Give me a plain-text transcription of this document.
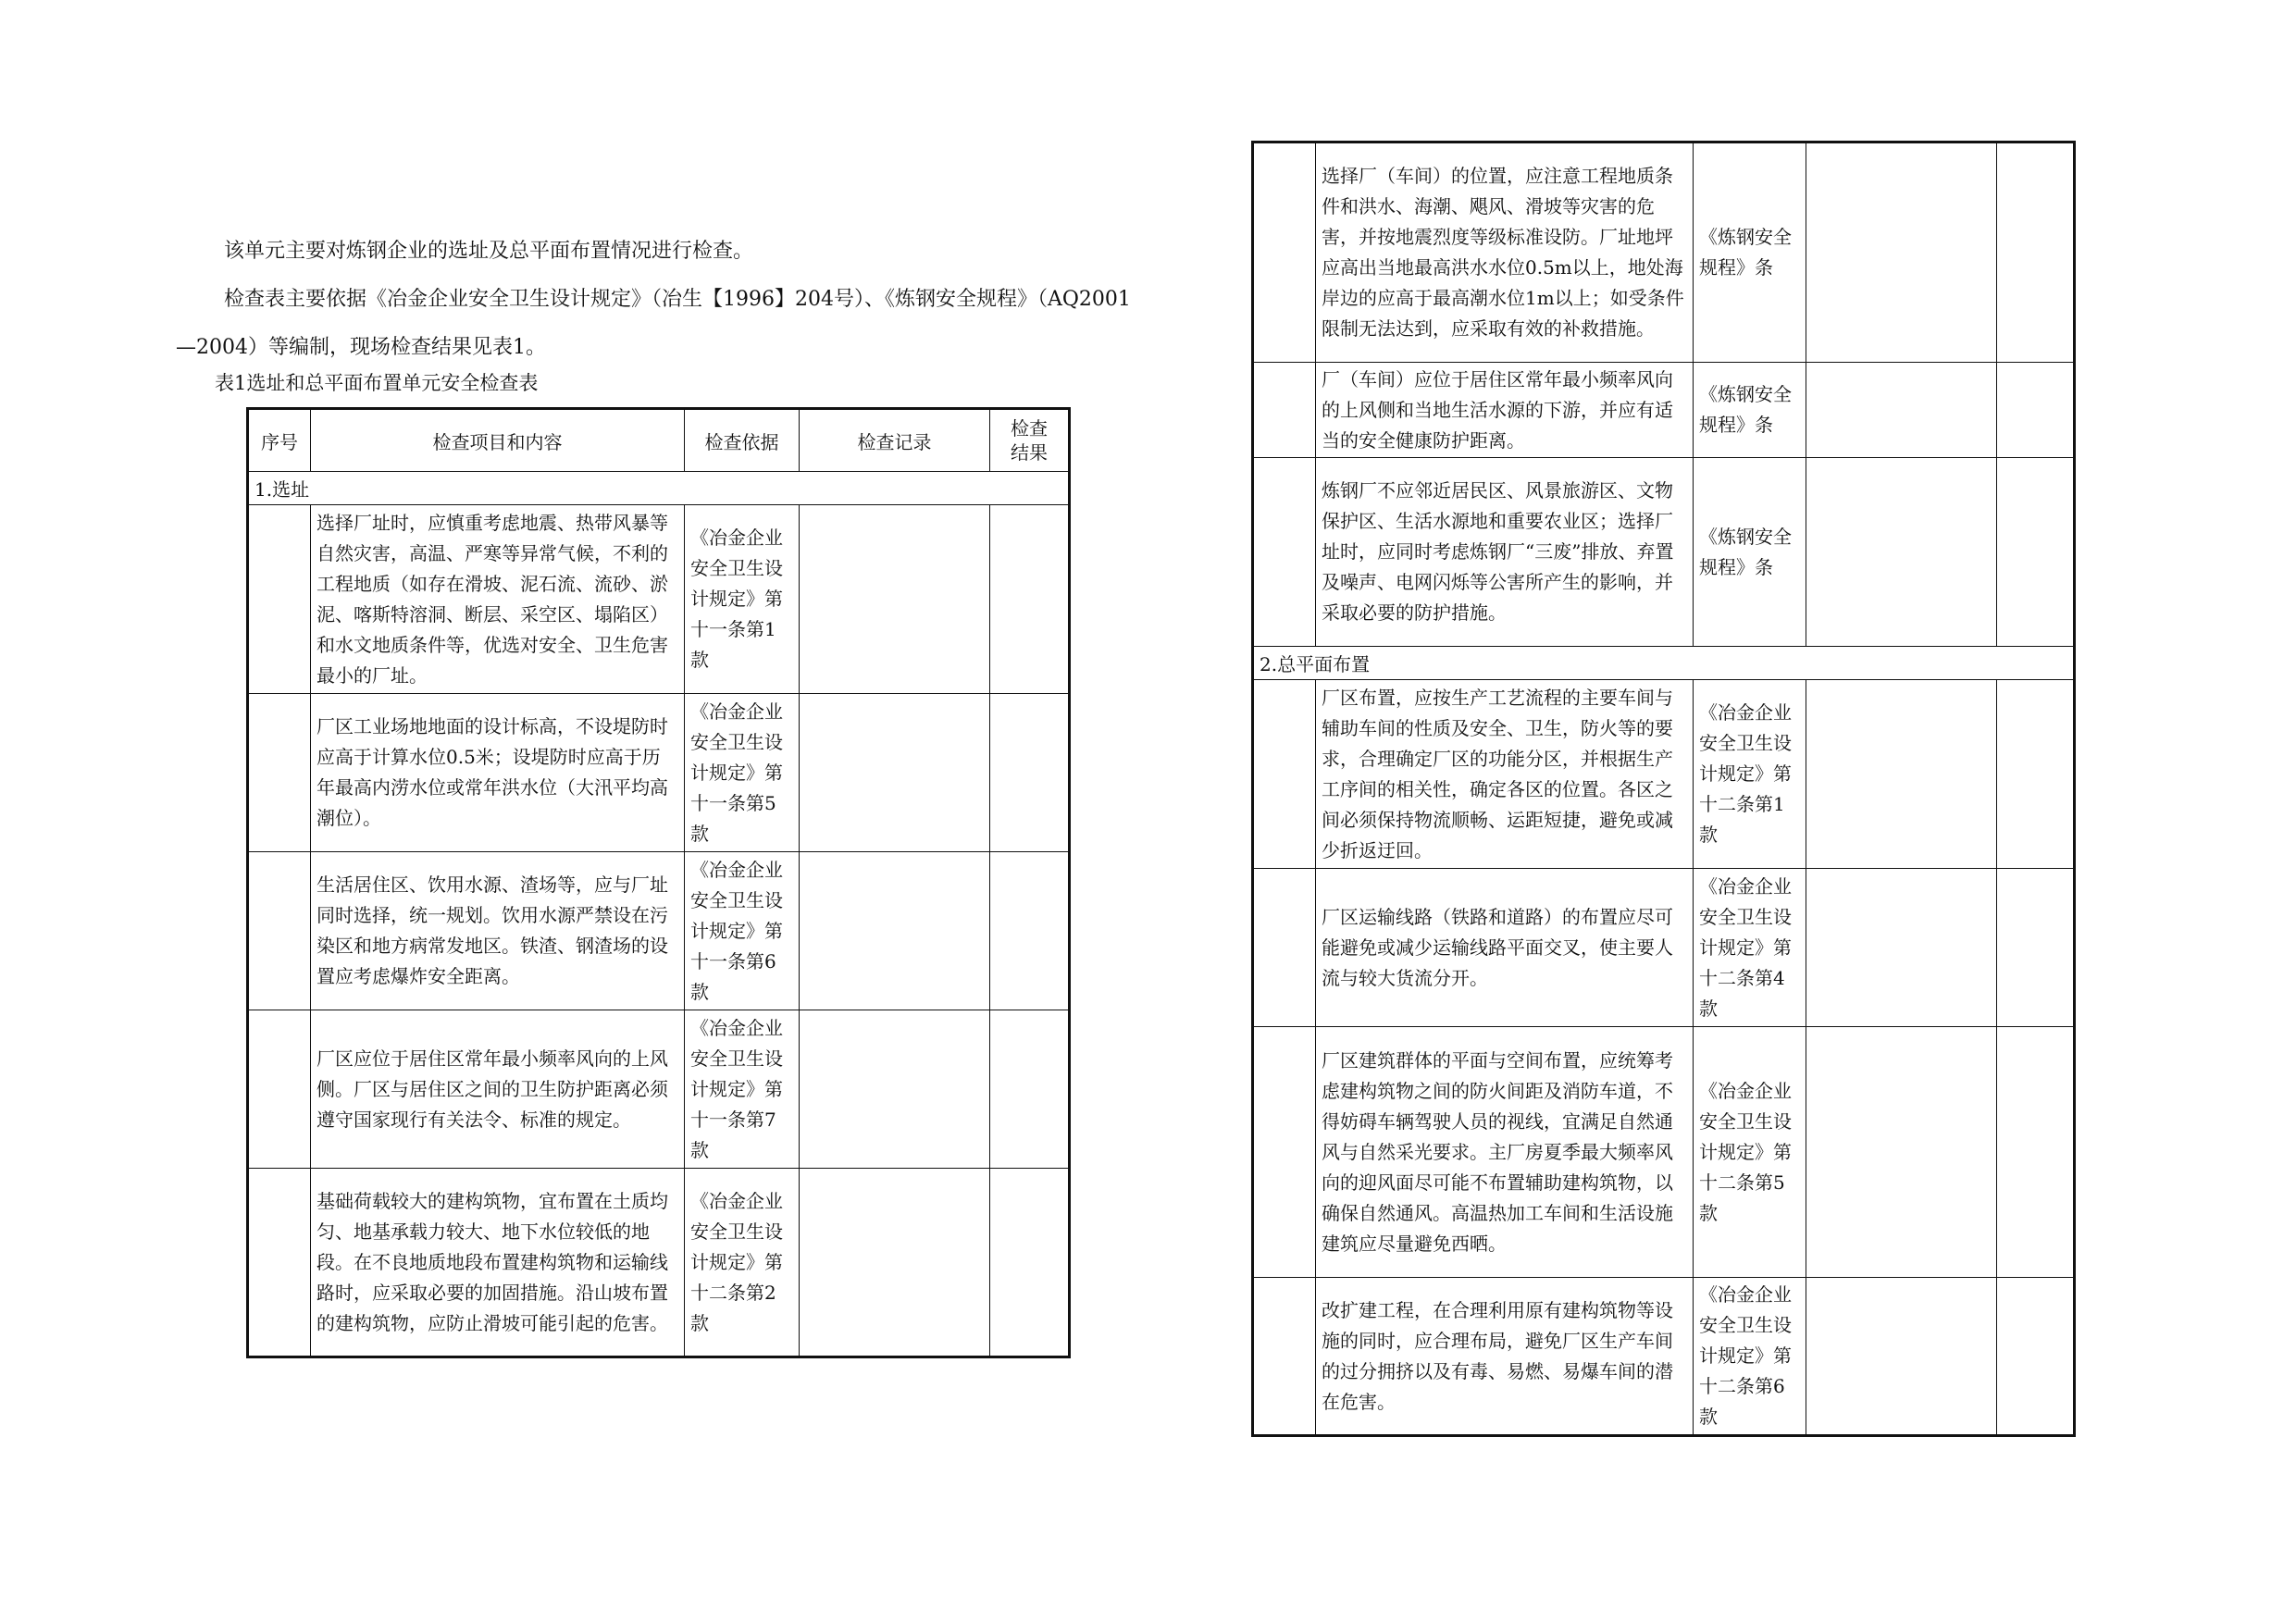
该单元主要对炼钢企业的选址及总平面布置情况进行检查。

检查表主要依据《冶金企业安全卫生设计规定》（冶生【1996】204号）、《炼钢安全规程》（AQ2001—2004）等编制，现场检查结果见表1。

表1选址和总平面布置单元安全检查表
序号	检查项目和内容	检查依据	检查记录	检查结果
1.选址				
	选择厂址时，应慎重考虑地震、热带风暴等自然灾害，高温、严寒等异常气候，不利的工程地质（如存在滑坡、泥石流、流砂、淤泥、喀斯特溶洞、断层、采空区、塌陷区）和水文地质条件等，优选对安全、卫生危害最小的厂址。	《冶金企业安全卫生设计规定》第十一条第1款		
	厂区工业场地地面的设计标高，不设堤防时应高于计算水位0.5米；设堤防时应高于历年最高内涝水位或常年洪水位（大汛平均高潮位）。	《冶金企业安全卫生设计规定》第十一条第5款		
	生活居住区、饮用水源、渣场等，应与厂址同时选择，统一规划。饮用水源严禁设在污染区和地方病常发地区。铁渣、钢渣场的设置应考虑爆炸安全距离。	《冶金企业安全卫生设计规定》第十一条第6款		
	厂区应位于居住区常年最小频率风向的上风侧。厂区与居住区之间的卫生防护距离必须遵守国家现行有关法令、标准的规定。	《冶金企业安全卫生设计规定》第十一条第7款		
	基础荷载较大的建构筑物，宜布置在土质均匀、地基承载力较大、地下水位较低的地段。在不良地质地段布置建构筑物和运输线路时，应采取必要的加固措施。沿山坡布置的建构筑物，应防止滑坡可能引起的危害。	《冶金企业安全卫生设计规定》第十二条第2款		
	选择厂（车间）的位置，应注意工程地质条件和洪水、海潮、飓风、滑坡等灾害的危害，并按地震烈度等级标准设防。厂址地坪应高出当地最高洪水水位0.5m以上，地处海岸边的应高于最高潮水位1m以上；如受条件限制无法达到，应采取有效的补救措施。	《炼钢安全规程》条		
	厂（车间）应位于居住区常年最小频率风向的上风侧和当地生活水源的下游，并应有适当的安全健康防护距离。	《炼钢安全规程》条		
	炼钢厂不应邻近居民区、风景旅游区、文物保护区、生活水源地和重要农业区；选择厂址时，应同时考虑炼钢厂“三废”排放、弃置及噪声、电网闪烁等公害所产生的影响，并采取必要的防护措施。	《炼钢安全规程》条		
2.总平面布置				
	厂区布置，应按生产工艺流程的主要车间与辅助车间的性质及安全、卫生，防火等的要求，合理确定厂区的功能分区，并根据生产工序间的相关性，确定各区的位置。各区之间必须保持物流顺畅、运距短捷，避免或减少折返迂回。	《冶金企业安全卫生设计规定》第十二条第1款		
	厂区运输线路（铁路和道路）的布置应尽可能避免或减少运输线路平面交叉，使主要人流与较大货流分开。	《冶金企业安全卫生设计规定》第十二条第4款		
	厂区建筑群体的平面与空间布置，应统筹考虑建构筑物之间的防火间距及消防车道，不得妨碍车辆驾驶人员的视线，宜满足自然通风与自然采光要求。主厂房夏季最大频率风向的迎风面尽可能不布置辅助建构筑物，以确保自然通风。高温热加工车间和生活设施建筑应尽量避免西晒。	《冶金企业安全卫生设计规定》第十二条第5款		
	改扩建工程，在合理利用原有建构筑物等设施的同时，应合理布局，避免厂区生产车间的过分拥挤以及有毒、易燃、易爆车间的潜在危害。	《冶金企业安全卫生设计规定》第十二条第6款		
